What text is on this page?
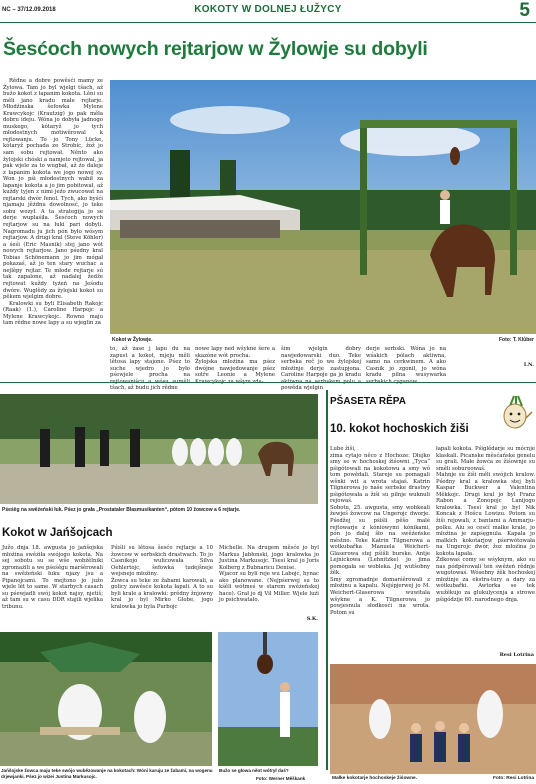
NC – 37/12.09.2018	KOKOTY W DOLNEJ ŁUŽYCY	5
Šesćoch nowych rejtarjow w Žylowje su dobyli

Rědne a dobre powěsći mamy ze Žylowa. Tam jo byl wjelgi tšach, až bužo kokot z łapanim kokota. Lěni su měli jano kradu małe rejtarje. Młodźinska šefowka Mylene Krawcykojc (Krautzig) jo pak měła dobru ideju. Wóna jo dobyła jadnogo muskego, kótaryž jo tych młodostnych motiwěrowal k rejtowanju. To jo Tony Lücke, kótaryž pochada ze Strobic, žož jo sam sobu rejtował. Něnto ako žylojski chóski a namjeto rejtowal, ja pak wjele za to wugbał, až źo daleje z łapanim kokota we jogo nowej sy. Won jo pśi młodostnych wabił za łapanje kokota a jo jim pobitował, až kuždy tyjen z nimi jeźo zwucowat na rejtarski dwór fenol. Tych, ako byśći njamaju jěźdnu dowolnosć, jo teke sobu wozył. A ta strategija jo se derje wuplaśiła. Šesćoch nowych rejtarjow su na łuki pari dobyli. Nagromadu ju jich pón było wósym rejtarjow. A drugi kral (Steve Köhler) a śeśi (Eric Masnik) stej jano wót nowych rejtarjow. Jano pśedny kral Tobias Schönemann jo jim mógał pokazaś, až jo ten stary wuchac a nejlěpy rejtar. Te młode rejtarje sú tak zapalone, až nadalej žedže rejtowat kuždy tyźeń na Jeśodu dwóre. Wuglědy za žylojski kokot su pěkem wjelgim dobre.

Kralowki su byli Elisabeth Rakojc (Raak) (1.), Caroline Harpojc a Mylene Krawcykojc. Rowno maju tam rědne nowe lapy a su wjeglin za

Kokot w Žylowje.	Foto: T. Klůber
to, až zase j lapu du na zapust a kokot, mjeju měli lětosa lapy stajone. Pśez to suche wjedro jo było pśewjele procha na tšach, až budu jich rědne
nowe lapy ned wšykne šere a skazóne wót procha.
Žylojska młoźina ma pśez dwójne nawjedowanje pśez sotře Leonie a Mylene
šim wjelgin dobry nawjedowarski duo. Teke serbska reč jo we žylojskej młoźinje derje zastupjona. Caroline Harpoje ga jo kradu powěda wjelgin
derje serbski. Wóna jo na wśakich pólach aktiwna, samo na cerkwinem. A ako Casnik jo zgonił, jo wóna kradu pilna wusywarka
I.N.
Pśeśěg na swěźeński łuk. Pśez jo grała „Prostataler Blasmusikanten“, pótom 10 žowcow a 6 rejtarje.
Kokot w Jańšojcach
Južo dnja 18. awgusta jo jańšojska młoźina swěźiła swójogo kokota. Na sej sobotu su se wše wobźělniki zgromaźili a we pśeśěgu maršěrowali na swěźeński łuku njazy jsu a Pipanojcami. To mejtono jo južo wjele lět to same. W starbych casach su pśewjadli swój kokot najsy, njetiš; až tam su w casu DDR stajili wjelika tribunu.
Pśiśli su lětosa šesćo rejtarje a 10 žowcow w serbskich drastwach. To jo Casnikojo wulicowała Silva Oehlertojc, šefowka tudejšneje wejsnejo młoźiny.
Žowca su teke ze žabami karowali, a golicy zawěsće kokota łapali. A to su byli krale a kralowki: prědny žnjowny kral jo byl Mirko Globe, jogo kralowka jo byla Purbojc
Michelle. Na drugem měsće jo byl Markus Jabłonski, jogo kralowka jo Justina Markusojc. Tsesi kral jo Joris Kolberg z Bubnaricu Denise.
Wjacor su byli reje wu Labojc, hynac ako planowane. (Nejpśerwej su to kśěli wótmeś w starem swěźeńskej hace). Grał jo dj Vil Miller. Wjele luźi jo psichwatało.
S.K.
Jańšojske žowca maju teke swójo wubězowanje na kokotach: Wóni karuju ze žabami, na wogenu drjewjanki. Pśez jo wizei Justina Markusojc.
Bužo se głowa něnt wótrył daś?
Foto: Werner Měškank
PŠASETA RĚPA
10. kokot hochoskich žiši
Lube žiši,
zima cytajo něco z Hochoze: Dłujko smy se w hochoskej žiśowni „Tyca“ pśigótowali na kokotowu a smy wó tom powědali. Stareje su pomagali wšnki wit a wrota stajaś. Katrin Tilgnerowa jo naše serbske drastwy pśigótowała a žiši su pilnje wuknuli rejowaś.
Sobotu, 25. awgusta, smy wobkeali žewješ žowcow na Ungerojc dworje. Pśedžej su pśiśli pěšo malé rejtowarje z kóniowymi kónikami, pón jo dalej šło na swěźeńske městno. Teke Katrin Tilgnerowa a wotkubařka Manuela Weichert-Glaserowa stej pśišli burske. Antje Lejnickowa (Lehnitzke) jo jima pomogała se wobleka. Jej wutšobny žěk.
Smy zgromadnje domarśěrowali z młoźinu a kapalu. Nejśpjerwej jo M. Weichert-Glaserowa wuwitala wšykne a K. Tilgnerowa jo powjesnula słodkosći na wrota. Potom su
łapali kokota. Pśiglědarje su mócnje klaskali. Picanske měsćańske genelu su grali. Małe žowća ze žiśownje su směli sobureowaś.
Mahnje su žiši měli swójich kralow. Pśedny kral a kralowka stej byli Kaspar Buckwer a Valentina Měkkojc. Drugi kral jo byl Franz Rabon a Zonopojc Lanijogo kralowka. Tsesi kral jo byl Nik Koncak z Hošcu Lowizu. Potom su žiši rejowali, z bantami a Ammarju-polku. Alu so cesćí małke krale, jo młoźina je zapśęgnula. Kapala jo malkich kokotarjow pśerwótowała na Ungerojc dwór, žoz młoźina jo kokota łapała.
Ždkowaś comy se wśyknym, ako su nas pódpěrowali ten swěźeń rědnje wugotowaś. Wósebny žěk hochoskej młoźinje za ekstra-tury a dary za wótkubařki. Awtorka se tek wužěkujo za glukulycenja a strowe pśigódzije 60. narodnego dnja.
Resi Lotrina
Małke kokotarje hochoskeje žiśowne.	Foto: Resi Lotrina
